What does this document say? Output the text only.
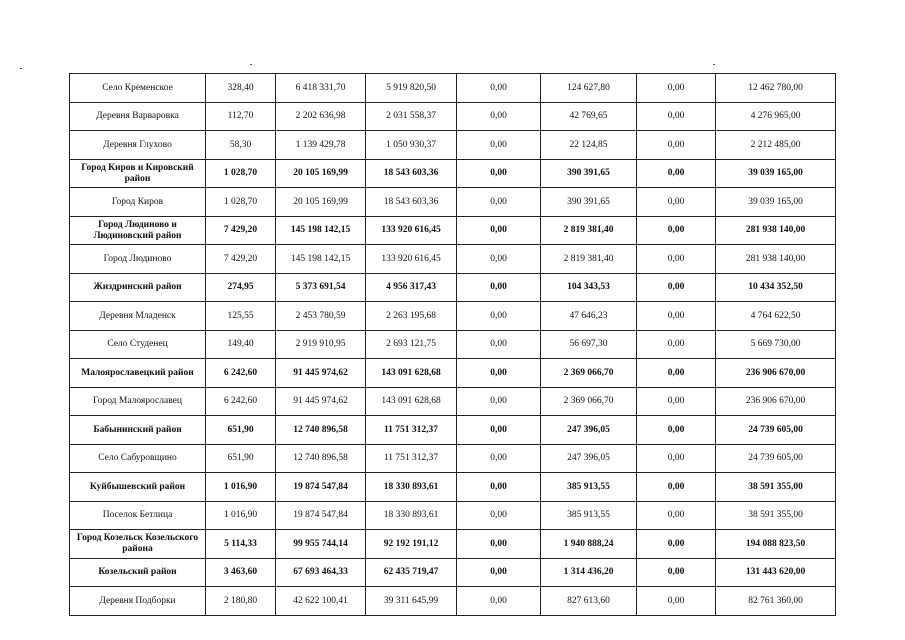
Село Кременское	328,40	6 418 331,70	5 919 820,50	0,00	124 627,80	0,00	12 462 780,00
Деревня Варваровка	112,70	2 202 636,98	2 031 558,37	0,00	42 769,65	0,00	4 276 965,00
Деревня Глухово	58,30	1 139 429,78	1 050 930,37	0,00	22 124,85	0,00	2 212 485,00
Город Киров и Кировский район	1 028,70	20 105 169,99	18 543 603,36	0,00	390 391,65	0,00	39 039 165,00
Город Киров	1 028,70	20 105 169,99	18 543 603,36	0,00	390 391,65	0,00	39 039 165,00
Город Людиново и Людиновский район	7 429,20	145 198 142,15	133 920 616,45	0,00	2 819 381,40	0,00	281 938 140,00
Город Людиново	7 429,20	145 198 142,15	133 920 616,45	0,00	2 819 381,40	0,00	281 938 140,00
Жиздринский район	274,95	5 373 691,54	4 956 317,43	0,00	104 343,53	0,00	10 434 352,50
Деревня Младенск	125,55	2 453 780,59	2 263 195,68	0,00	47 646,23	0,00	4 764 622,50
Село Студенец	149,40	2 919 910,95	2 693 121,75	0,00	56 697,30	0,00	5 669 730,00
Малоярославецкий район	6 242,60	91 445 974,62	143 091 628,68	0,00	2 369 066,70	0,00	236 906 670,00
Город Малоярославец	6 242,60	91 445 974,62	143 091 628,68	0,00	2 369 066,70	0,00	236 906 670,00
Бабынинский район	651,90	12 740 896,58	11 751 312,37	0,00	247 396,05	0,00	24 739 605,00
Село Сабуровщино	651,90	12 740 896,58	11 751 312,37	0,00	247 396,05	0,00	24 739 605,00
Куйбышевский район	1 016,90	19 874 547,84	18 330 893,61	0,00	385 913,55	0,00	38 591 355,00
Поселок Бетлица	1 016,90	19 874 547,84	18 330 893,61	0,00	385 913,55	0,00	38 591 355,00
Город Козельск Козельского района	5 114,33	99 955 744,14	92 192 191,12	0,00	1 940 888,24	0,00	194 088 823,50
Козельский район	3 463,60	67 693 464,33	62 435 719,47	0,00	1 314 436,20	0,00	131 443 620,00
Деревня Подборки	2 180,80	42 622 100,41	39 311 645,99	0,00	827 613,60	0,00	82 761 360,00
